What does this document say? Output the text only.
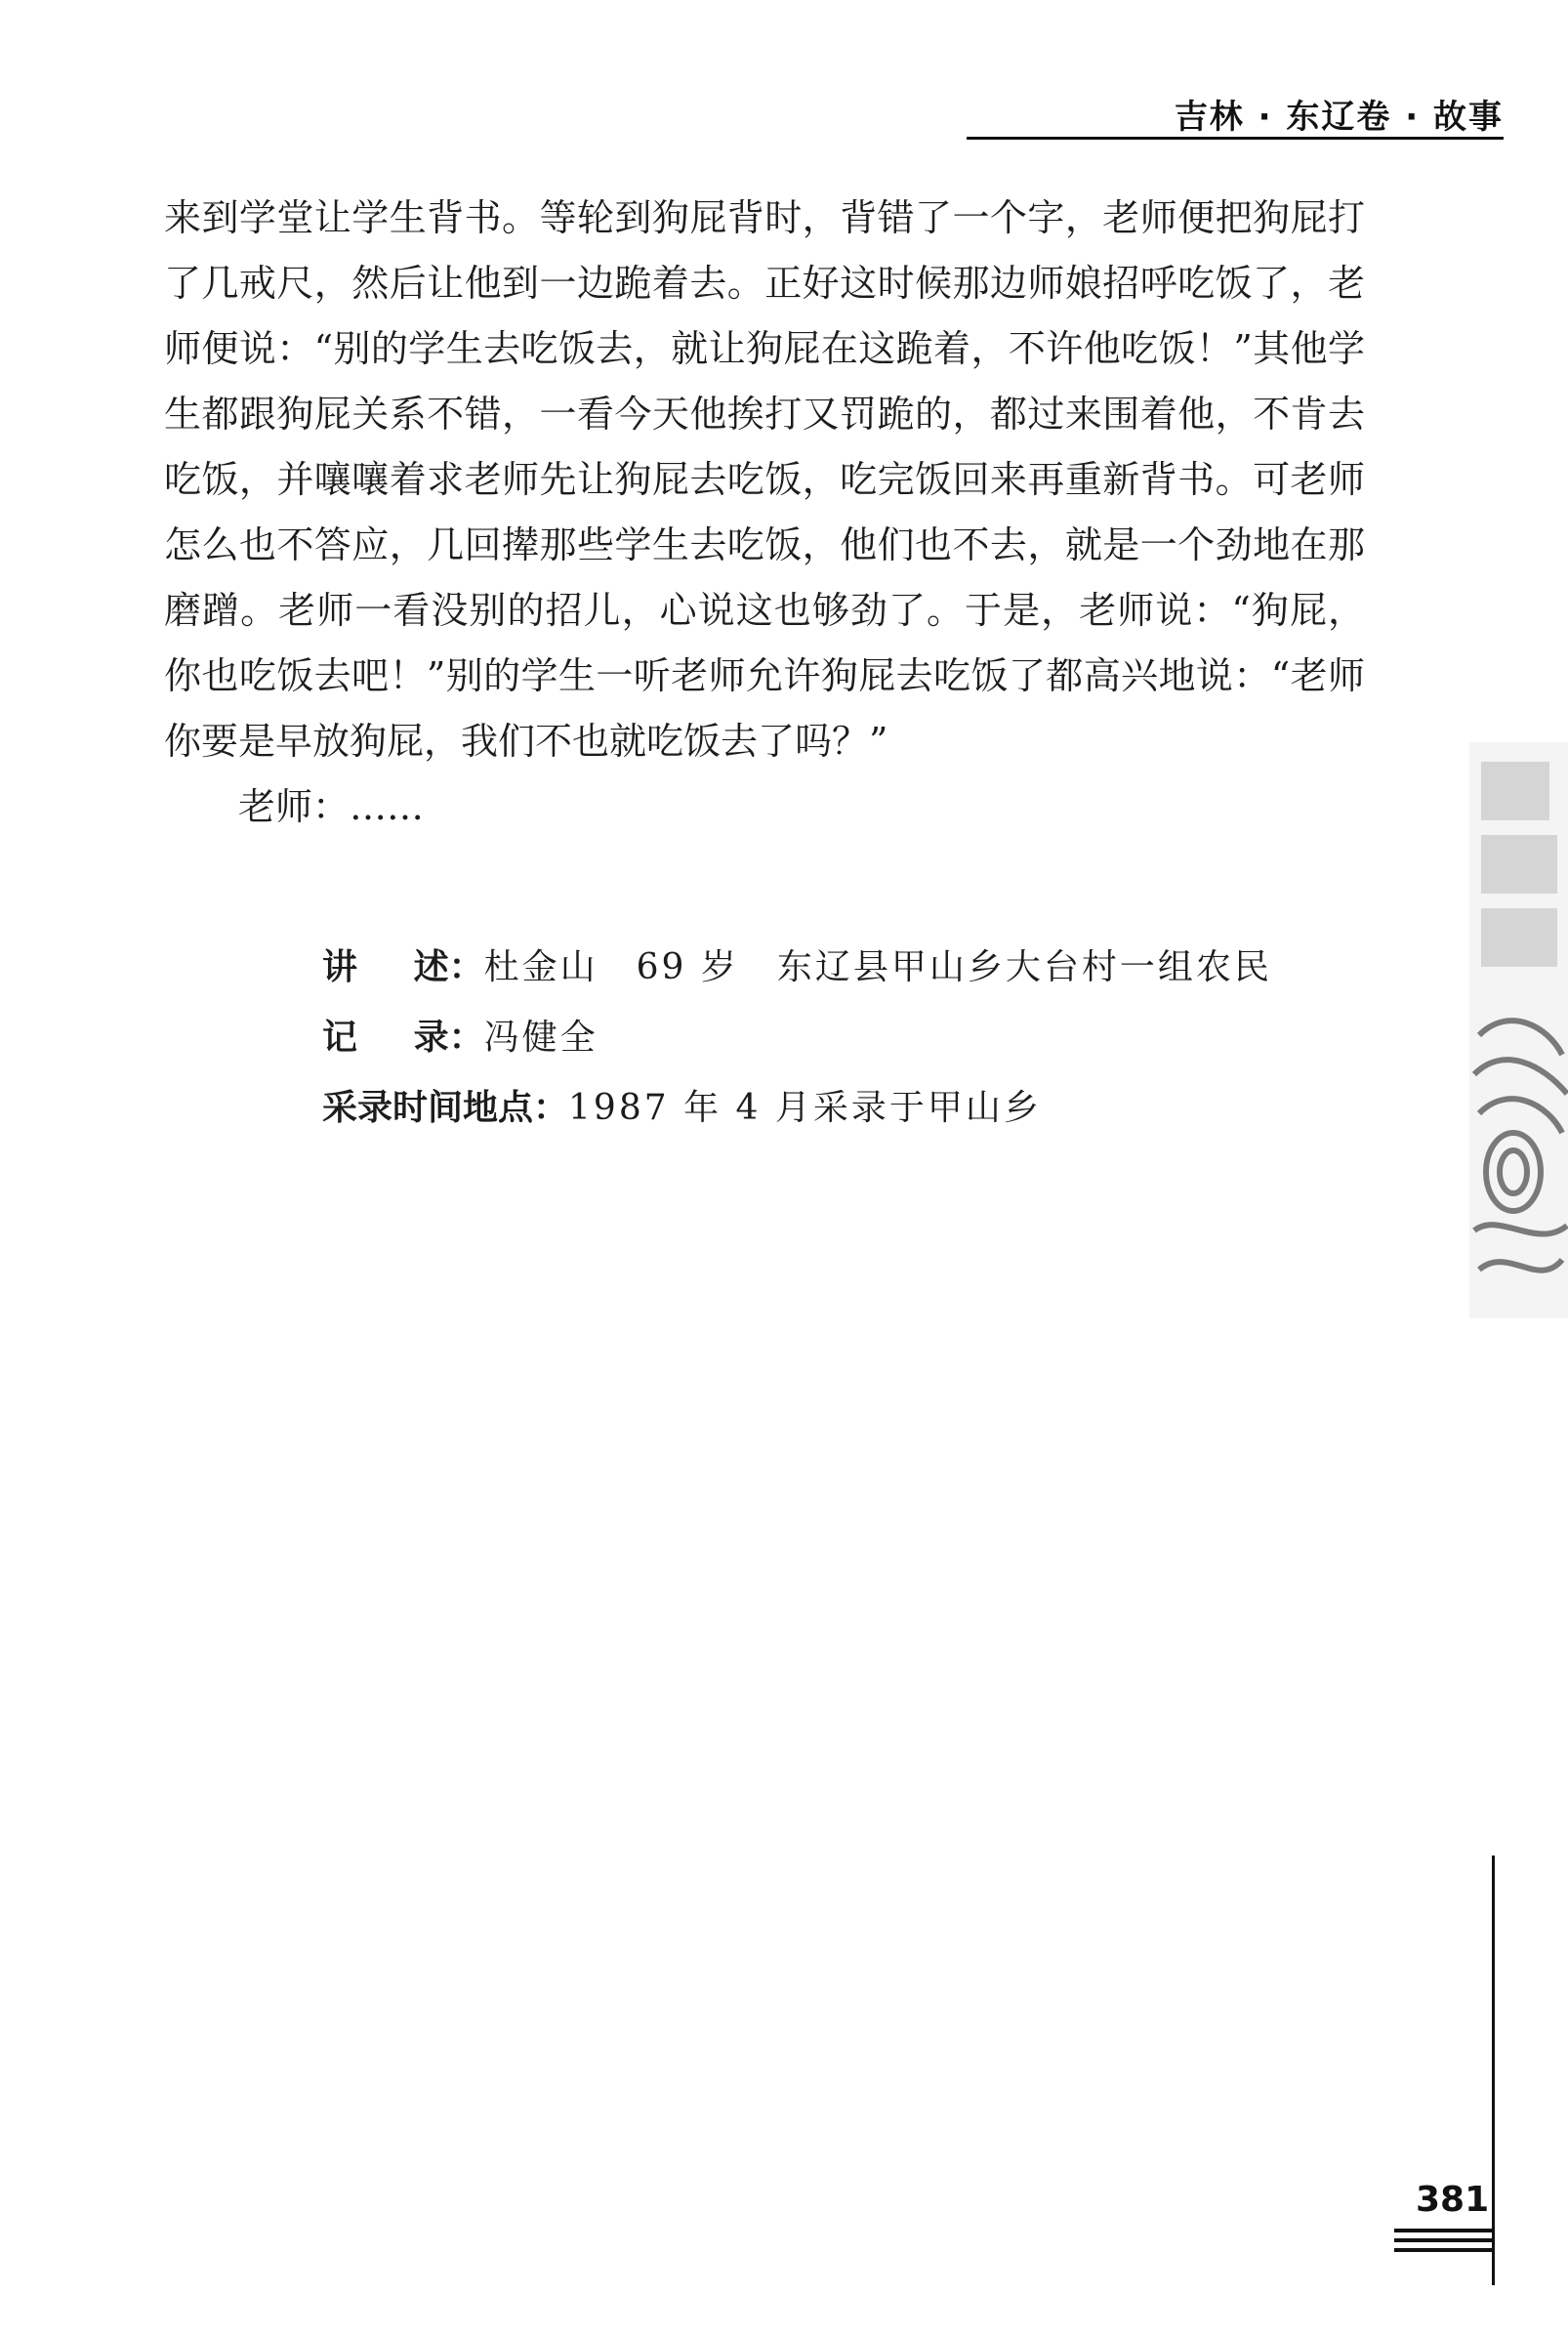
吉林 · 东辽卷 · 故事

来到学堂让学生背书。等轮到狗屁背时，背错了一个字，老师便把狗屁打了几戒尺，然后让他到一边跪着去。正好这时候那边师娘招呼吃饭了，老师便说：“别的学生去吃饭去，就让狗屁在这跪着，不许他吃饭！”其他学生都跟狗屁关系不错，一看今天他挨打又罚跪的，都过来围着他，不肯去吃饭，并嚷嚷着求老师先让狗屁去吃饭，吃完饭回来再重新背书。可老师怎么也不答应，几回撵那些学生去吃饭，他们也不去，就是一个劲地在那磨蹭。老师一看没别的招儿，心说这也够劲了。于是，老师说：“狗屁，你也吃饭去吧！”别的学生一听老师允许狗屁去吃饭了都高兴地说：“老师你要是早放狗屁，我们不也就吃饭去了吗？”

老师：……

讲述：杜金山　69 岁　东辽县甲山乡大台村一组农民
记录：冯健全
采录时间地点：1987 年 4 月采录于甲山乡
381
